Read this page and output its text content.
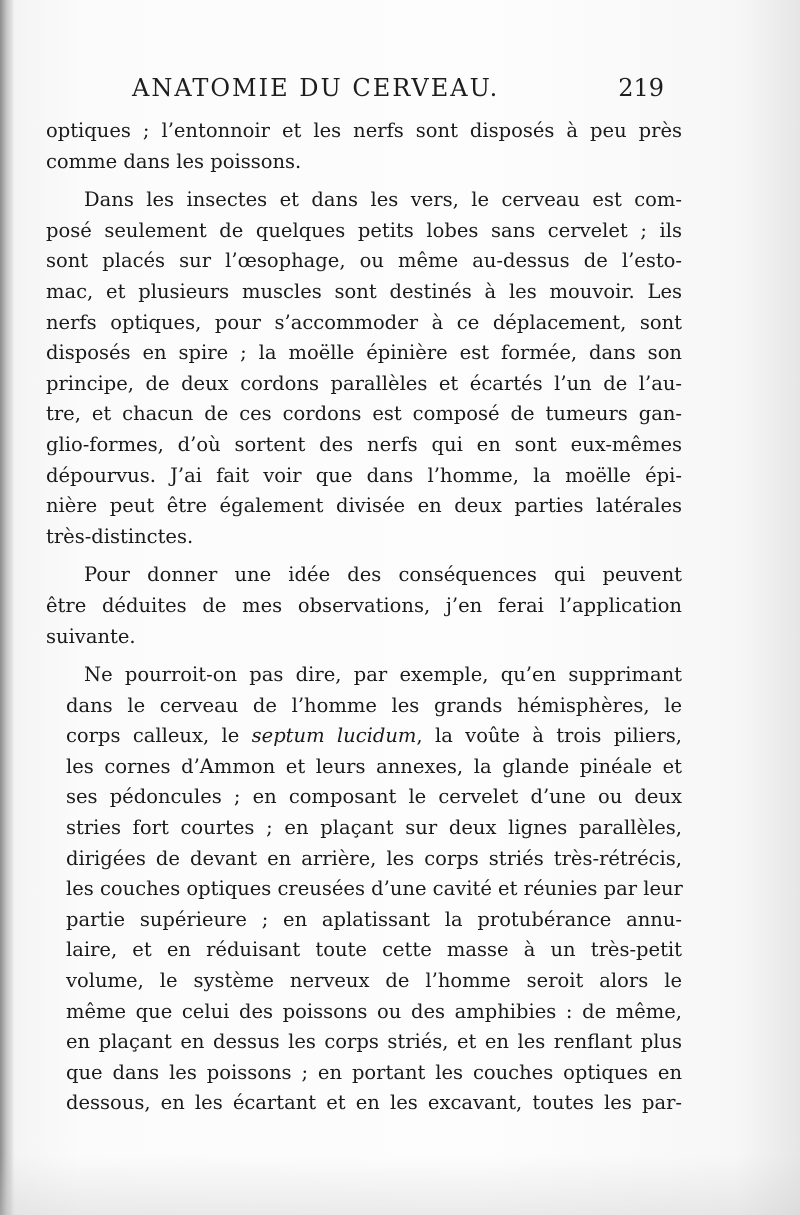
ANATOMIE DU CERVEAU.	219
optiques ; l’entonnoir et les nerfs sont disposés à peu près
comme dans les poissons.
Dans les insectes et dans les vers, le cerveau est com-
posé seulement de quelques petits lobes sans cervelet ; ils
sont placés sur l’œsophage, ou même au-dessus de l’esto-
mac, et plusieurs muscles sont destinés à les mouvoir. Les
nerfs optiques, pour s’accommoder à ce déplacement, sont
disposés en spire ; la moëlle épinière est formée, dans son
principe, de deux cordons parallèles et écartés l’un de l’au-
tre, et chacun de ces cordons est composé de tumeurs gan-
glio-formes, d’où sortent des nerfs qui en sont eux-mêmes
dépourvus. J’ai fait voir que dans l’homme, la moëlle épi-
nière peut être également divisée en deux parties latérales
très-distinctes.
Pour donner une idée des conséquences qui peuvent
être déduites de mes observations, j’en ferai l’application
suivante.
Ne pourroit-on pas dire, par exemple, qu’en supprimant
dans le cerveau de l’homme les grands hémisphères, le
corps calleux, le septum lucidum, la voûte à trois piliers,
les cornes d’Ammon et leurs annexes, la glande pinéale et
ses pédoncules ; en composant le cervelet d’une ou deux
stries fort courtes ; en plaçant sur deux lignes parallèles,
dirigées de devant en arrière, les corps striés très-rétrécis,
les couches optiques creusées d’une cavité et réunies par leur
partie supérieure ; en aplatissant la protubérance annu-
laire, et en réduisant toute cette masse à un très-petit
volume, le système nerveux de l’homme seroit alors le
même que celui des poissons ou des amphibies : de même,
en plaçant en dessus les corps striés, et en les renflant plus
que dans les poissons ; en portant les couches optiques en
dessous, en les écartant et en les excavant, toutes les par-
